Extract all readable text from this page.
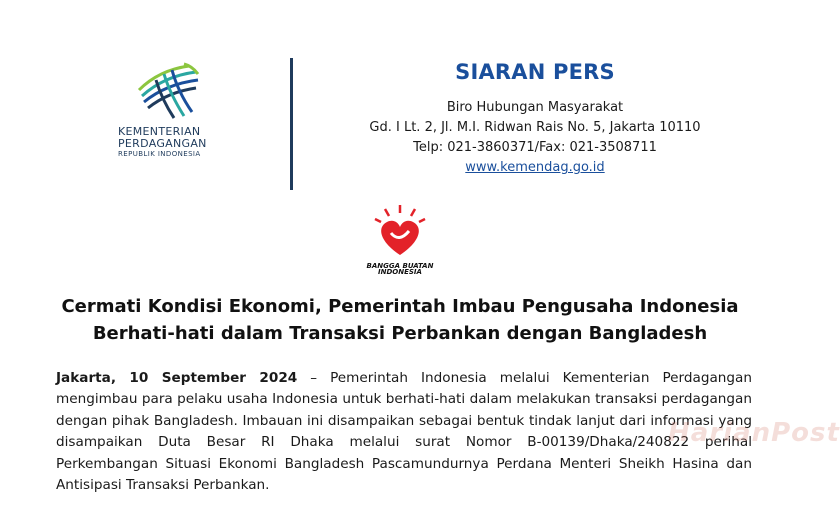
KEMENTERIAN
PERDAGANGAN
REPUBLIK INDONESIA
SIARAN PERS
Biro Hubungan Masyarakat
Gd. I Lt. 2, Jl. M.I. Ridwan Rais No. 5, Jakarta 10110
Telp: 021-3860371/Fax: 021-3508711
www.kemendag.go.id
BANGGA BUATAN
INDONESIA
Cermati Kondisi Ekonomi, Pemerintah Imbau Pengusaha Indonesia
Berhati-hati dalam Transaksi Perbankan dengan Bangladesh
Jakarta, 10 September 2024 – Pemerintah Indonesia melalui Kementerian Perdagangan mengimbau para pelaku usaha Indonesia untuk berhati-hati dalam melakukan transaksi perdagangan dengan pihak Bangladesh. Imbauan ini disampaikan sebagai bentuk tindak lanjut dari informasi yang disampaikan Duta Besar RI Dhaka melalui surat Nomor B-00139/Dhaka/240822 perihal Perkembangan Situasi Ekonomi Bangladesh Pascamundurnya Perdana Menteri Sheikh Hasina dan Antisipasi Transaksi Perbankan.
HarianPost
